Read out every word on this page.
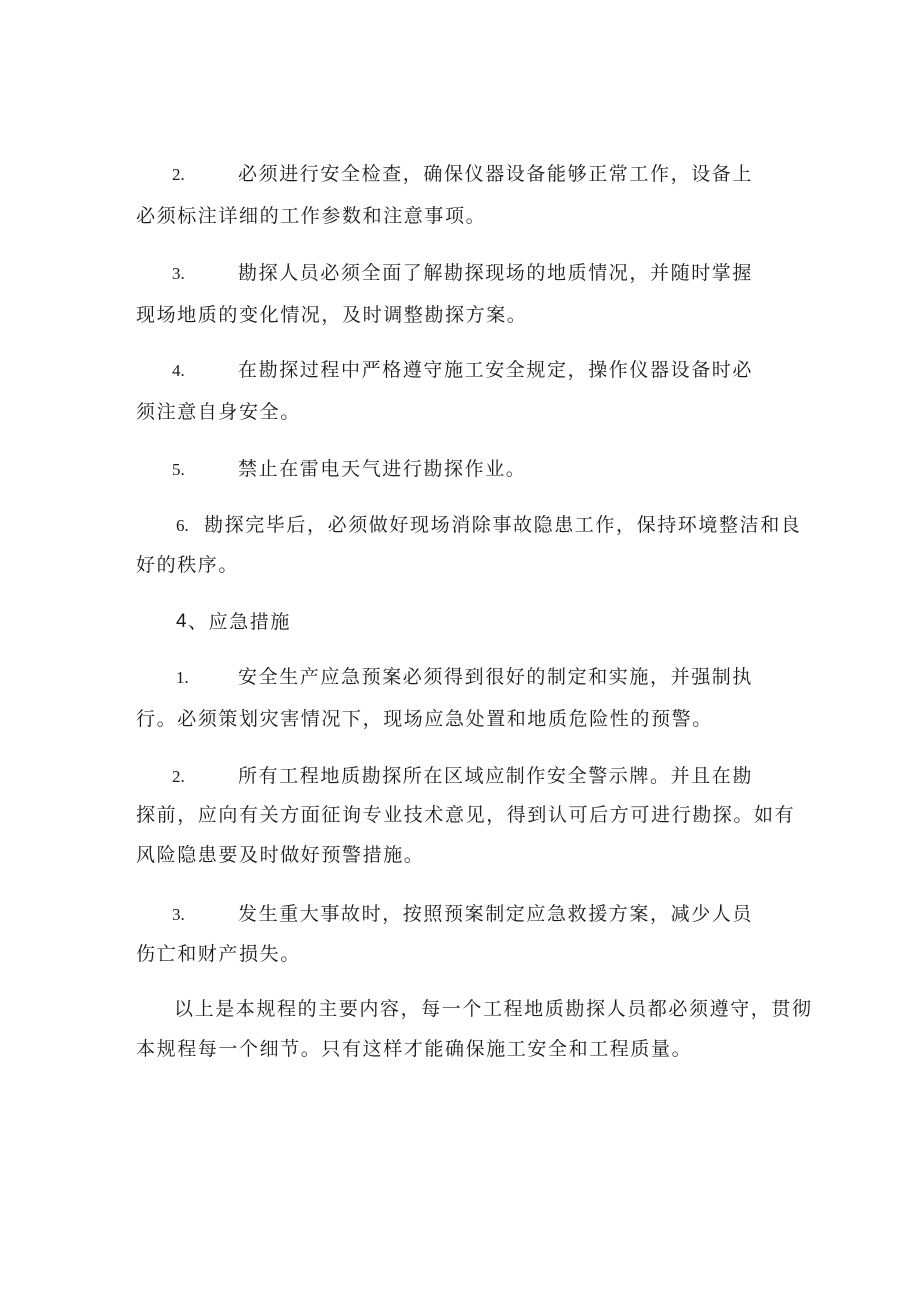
2.	必须进行安全检查，确保仪器设备能够正常工作，设备上
必须标注详细的工作参数和注意事项。
3.	勘探人员必须全面了解勘探现场的地质情况，并随时掌握
现场地质的变化情况，及时调整勘探方案。
4.	在勘探过程中严格遵守施工安全规定，操作仪器设备时必
须注意自身安全。
5.	禁止在雷电天气进行勘探作业。
6. 勘探完毕后，必须做好现场消除事故隐患工作，保持环境整洁和良
好的秩序。
4 、应急措施
1.	安全生产应急预案必须得到很好的制定和实施，并强制执
行。必须策划灾害情况下，现场应急处置和地质危险性的预警。
2.	所有工程地质勘探所在区域应制作安全警示牌。并且在勘
探前，应向有关方面征询专业技术意见，得到认可后方可进行勘探。如有
风险隐患要及时做好预警措施。
3.	发生重大事故时，按照预案制定应急救援方案，减少人员
伤亡和财产损失。
以上是本规程的主要内容，每一个工程地质勘探人员都必须遵守，贯彻
本规程每一个细节。只有这样才能确保施工安全和工程质量。
